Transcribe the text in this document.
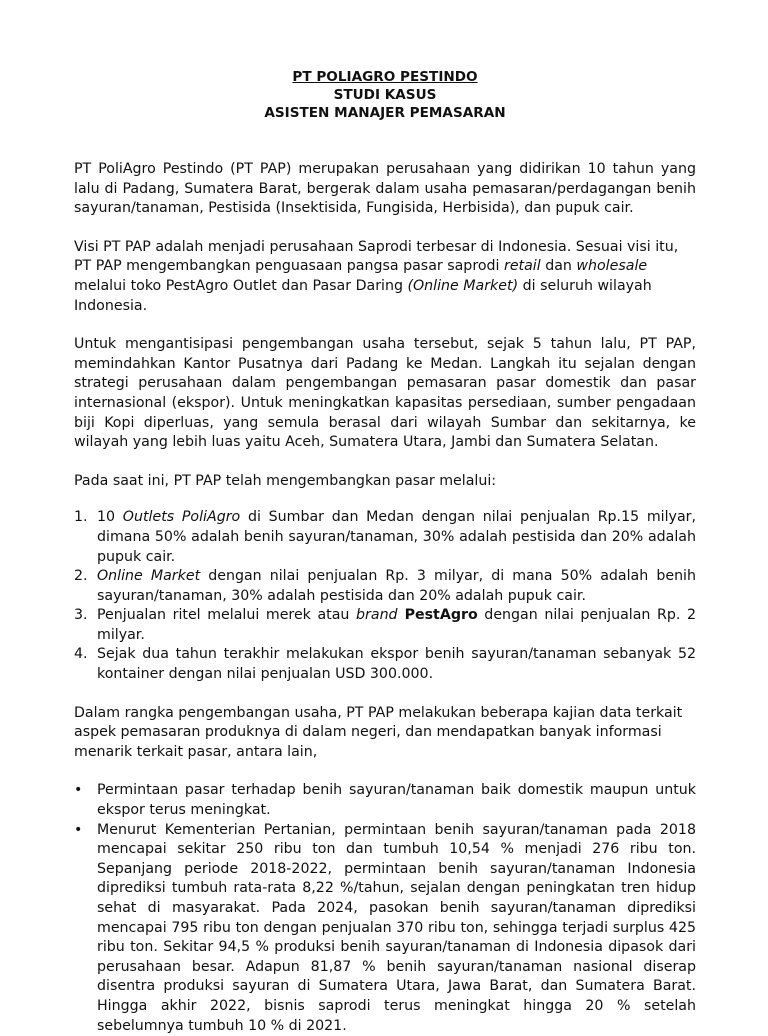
PT POLIAGRO PESTINDO
STUDI KASUS
ASISTEN MANAJER PEMASARAN

PT PoliAgro Pestindo (PT PAP) merupakan perusahaan yang didirikan 10 tahun yang lalu di Padang, Sumatera Barat, bergerak dalam usaha pemasaran/perdagangan benih sayuran/tanaman, Pestisida (Insektisida, Fungisida, Herbisida), dan pupuk cair.

Visi PT PAP adalah menjadi perusahaan Saprodi terbesar di Indonesia. Sesuai visi itu, PT PAP mengembangkan penguasaan pangsa pasar saprodi retail dan wholesale melalui toko PestAgro Outlet dan Pasar Daring (Online Market) di seluruh wilayah Indonesia.

Untuk mengantisipasi pengembangan usaha tersebut, sejak 5 tahun lalu, PT PAP, memindahkan Kantor Pusatnya dari Padang ke Medan. Langkah itu sejalan dengan strategi perusahaan dalam pengembangan pemasaran pasar domestik dan pasar internasional (ekspor). Untuk meningkatkan kapasitas persediaan, sumber pengadaan biji Kopi diperluas, yang semula berasal dari wilayah Sumbar dan sekitarnya, ke wilayah yang lebih luas yaitu Aceh, Sumatera Utara, Jambi dan Sumatera Selatan.

Pada saat ini, PT PAP telah mengembangkan pasar melalui:

1. 10 Outlets PoliAgro di Sumbar dan Medan dengan nilai penjualan Rp.15 milyar, dimana 50% adalah benih sayuran/tanaman, 30% adalah pestisida dan 20% adalah pupuk cair.
2. Online Market dengan nilai penjualan Rp. 3 milyar, di mana 50% adalah benih sayuran/tanaman, 30% adalah pestisida dan 20% adalah pupuk cair.
3. Penjualan ritel melalui merek atau brand PestAgro dengan nilai penjualan Rp. 2 milyar.
4. Sejak dua tahun terakhir melakukan ekspor benih sayuran/tanaman sebanyak 52 kontainer dengan nilai penjualan USD 300.000.

Dalam rangka pengembangan usaha, PT PAP melakukan beberapa kajian data terkait aspek pemasaran produknya di dalam negeri, dan mendapatkan banyak informasi menarik terkait pasar, antara lain,

• Permintaan pasar terhadap benih sayuran/tanaman baik domestik maupun untuk ekspor terus meningkat.
• Menurut Kementerian Pertanian, permintaan benih sayuran/tanaman pada 2018 mencapai sekitar 250 ribu ton dan tumbuh 10,54 % menjadi 276 ribu ton. Sepanjang periode 2018-2022, permintaan benih sayuran/tanaman Indonesia diprediksi tumbuh rata-rata 8,22 %/tahun, sejalan dengan peningkatan tren hidup sehat di masyarakat. Pada 2024, pasokan benih sayuran/tanaman diprediksi mencapai 795 ribu ton dengan penjualan 370 ribu ton, sehingga terjadi surplus 425 ribu ton. Sekitar 94,5 % produksi benih sayuran/tanaman di Indonesia dipasok dari perusahaan besar. Adapun 81,87 % benih sayuran/tanaman nasional diserap disentra produksi sayuran di Sumatera Utara, Jawa Barat, dan Sumatera Barat. Hingga akhir 2022, bisnis saprodi terus meningkat hingga 20 % setelah sebelumnya tumbuh 10 % di 2021.
